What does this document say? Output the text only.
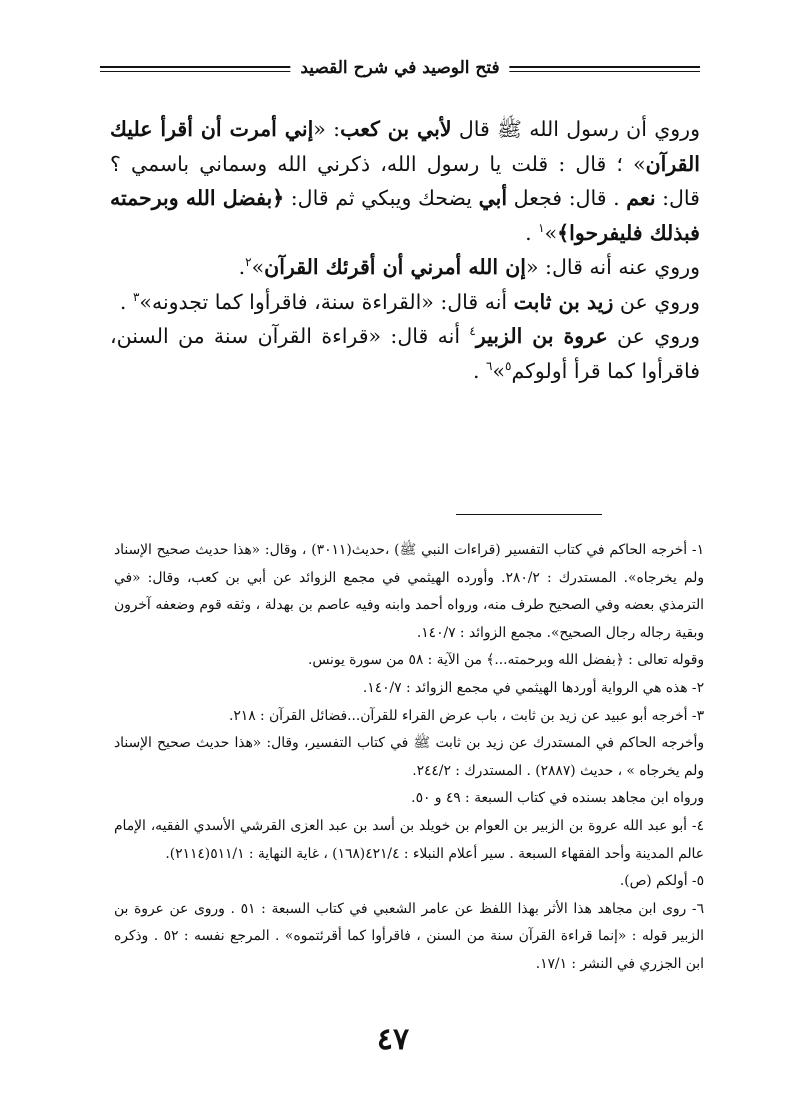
فتح الوصيد في شرح القصيد

وروي أن رسول الله ﷺ قال لأبي بن كعب: «إني أمرت أن أقرأ عليك القرآن» ؛ قال : قلت يا رسول الله، ذكرني الله وسماني باسمي ؟ قال: نعم . قال: فجعل أبي يضحك ويبكي ثم قال: ﴿بفضل الله وبرحمته فبذلك فليفرحوا﴾»$^١$ .

وروي عنه أنه قال: «إن الله أمرني أن أقرئك القرآن»$^٢$.

وروي عن زيد بن ثابت أنه قال: «القراءة سنة، فاقرأوا كما تجدونه»$^٣$ .

وروي عن عروة بن الزبير$^٤$ أنه قال: «قراءة القرآن سنة من السنن، فاقرأوا كما قرأ أولوكم$^٥$»$^٦$ .

١- أخرجه الحاكم في كتاب التفسير (قراءات النبي ﷺ) ،حديث(٣٠١١) ، وقال: «هذا حديث صحيح الإسناد ولم يخرجاه». المستدرك : ٢٨٠/٢. وأورده الهيثمي في مجمع الزوائد عن أبي بن كعب، وقال: «في الترمذي بعضه وفي الصحيح طرف منه، ورواه أحمد وابنه وفيه عاصم بن بهدلة ، وثقه قوم وضعفه آخرون وبقية رجاله رجال الصحيح». مجمع الزوائد : ١٤٠/٧.

وقوله تعالى : ﴿بفضل الله وبرحمته...﴾ من الآية : ٥٨ من سورة يونس.

٢- هذه هي الرواية أوردها الهيثمي في مجمع الزوائد : ١٤٠/٧.

٣- أخرجه أبو عبيد عن زيد بن ثابت ، باب عرض القراء للقرآن...فضائل القرآن : ٢١٨.

وأخرجه الحاكم في المستدرك عن زيد بن ثابت ﷺ في كتاب التفسير، وقال: «هذا حديث صحيح الإسناد ولم يخرجاه » ، حديث (٢٨٨٧) . المستدرك : ٢٤٤/٢.

ورواه ابن مجاهد بسنده في كتاب السبعة : ٤٩ و ٥٠.

٤- أبو عبد الله عروة بن الزبير بن العوام بن خويلد بن أسد بن عبد العزى القرشي الأسدي الفقيه، الإمام عالم المدينة وأحد الفقهاء السبعة . سير أعلام النبلاء : ٤٢١/٤(١٦٨) ، غاية النهاية : ٥١١/١(٢١١٤).

٥- أولكم (ص).

٦- روى ابن مجاهد هذا الأثر بهذا اللفظ عن عامر الشعبي في كتاب السبعة : ٥١ . وروى عن عروة بن الزبير قوله : «إنما قراءة القرآن سنة من السنن ، فاقرأوا كما أقرئتموه» . المرجع نفسه : ٥٢ . وذكره ابن الجزري في النشر : ١٧/١.

٤٧
